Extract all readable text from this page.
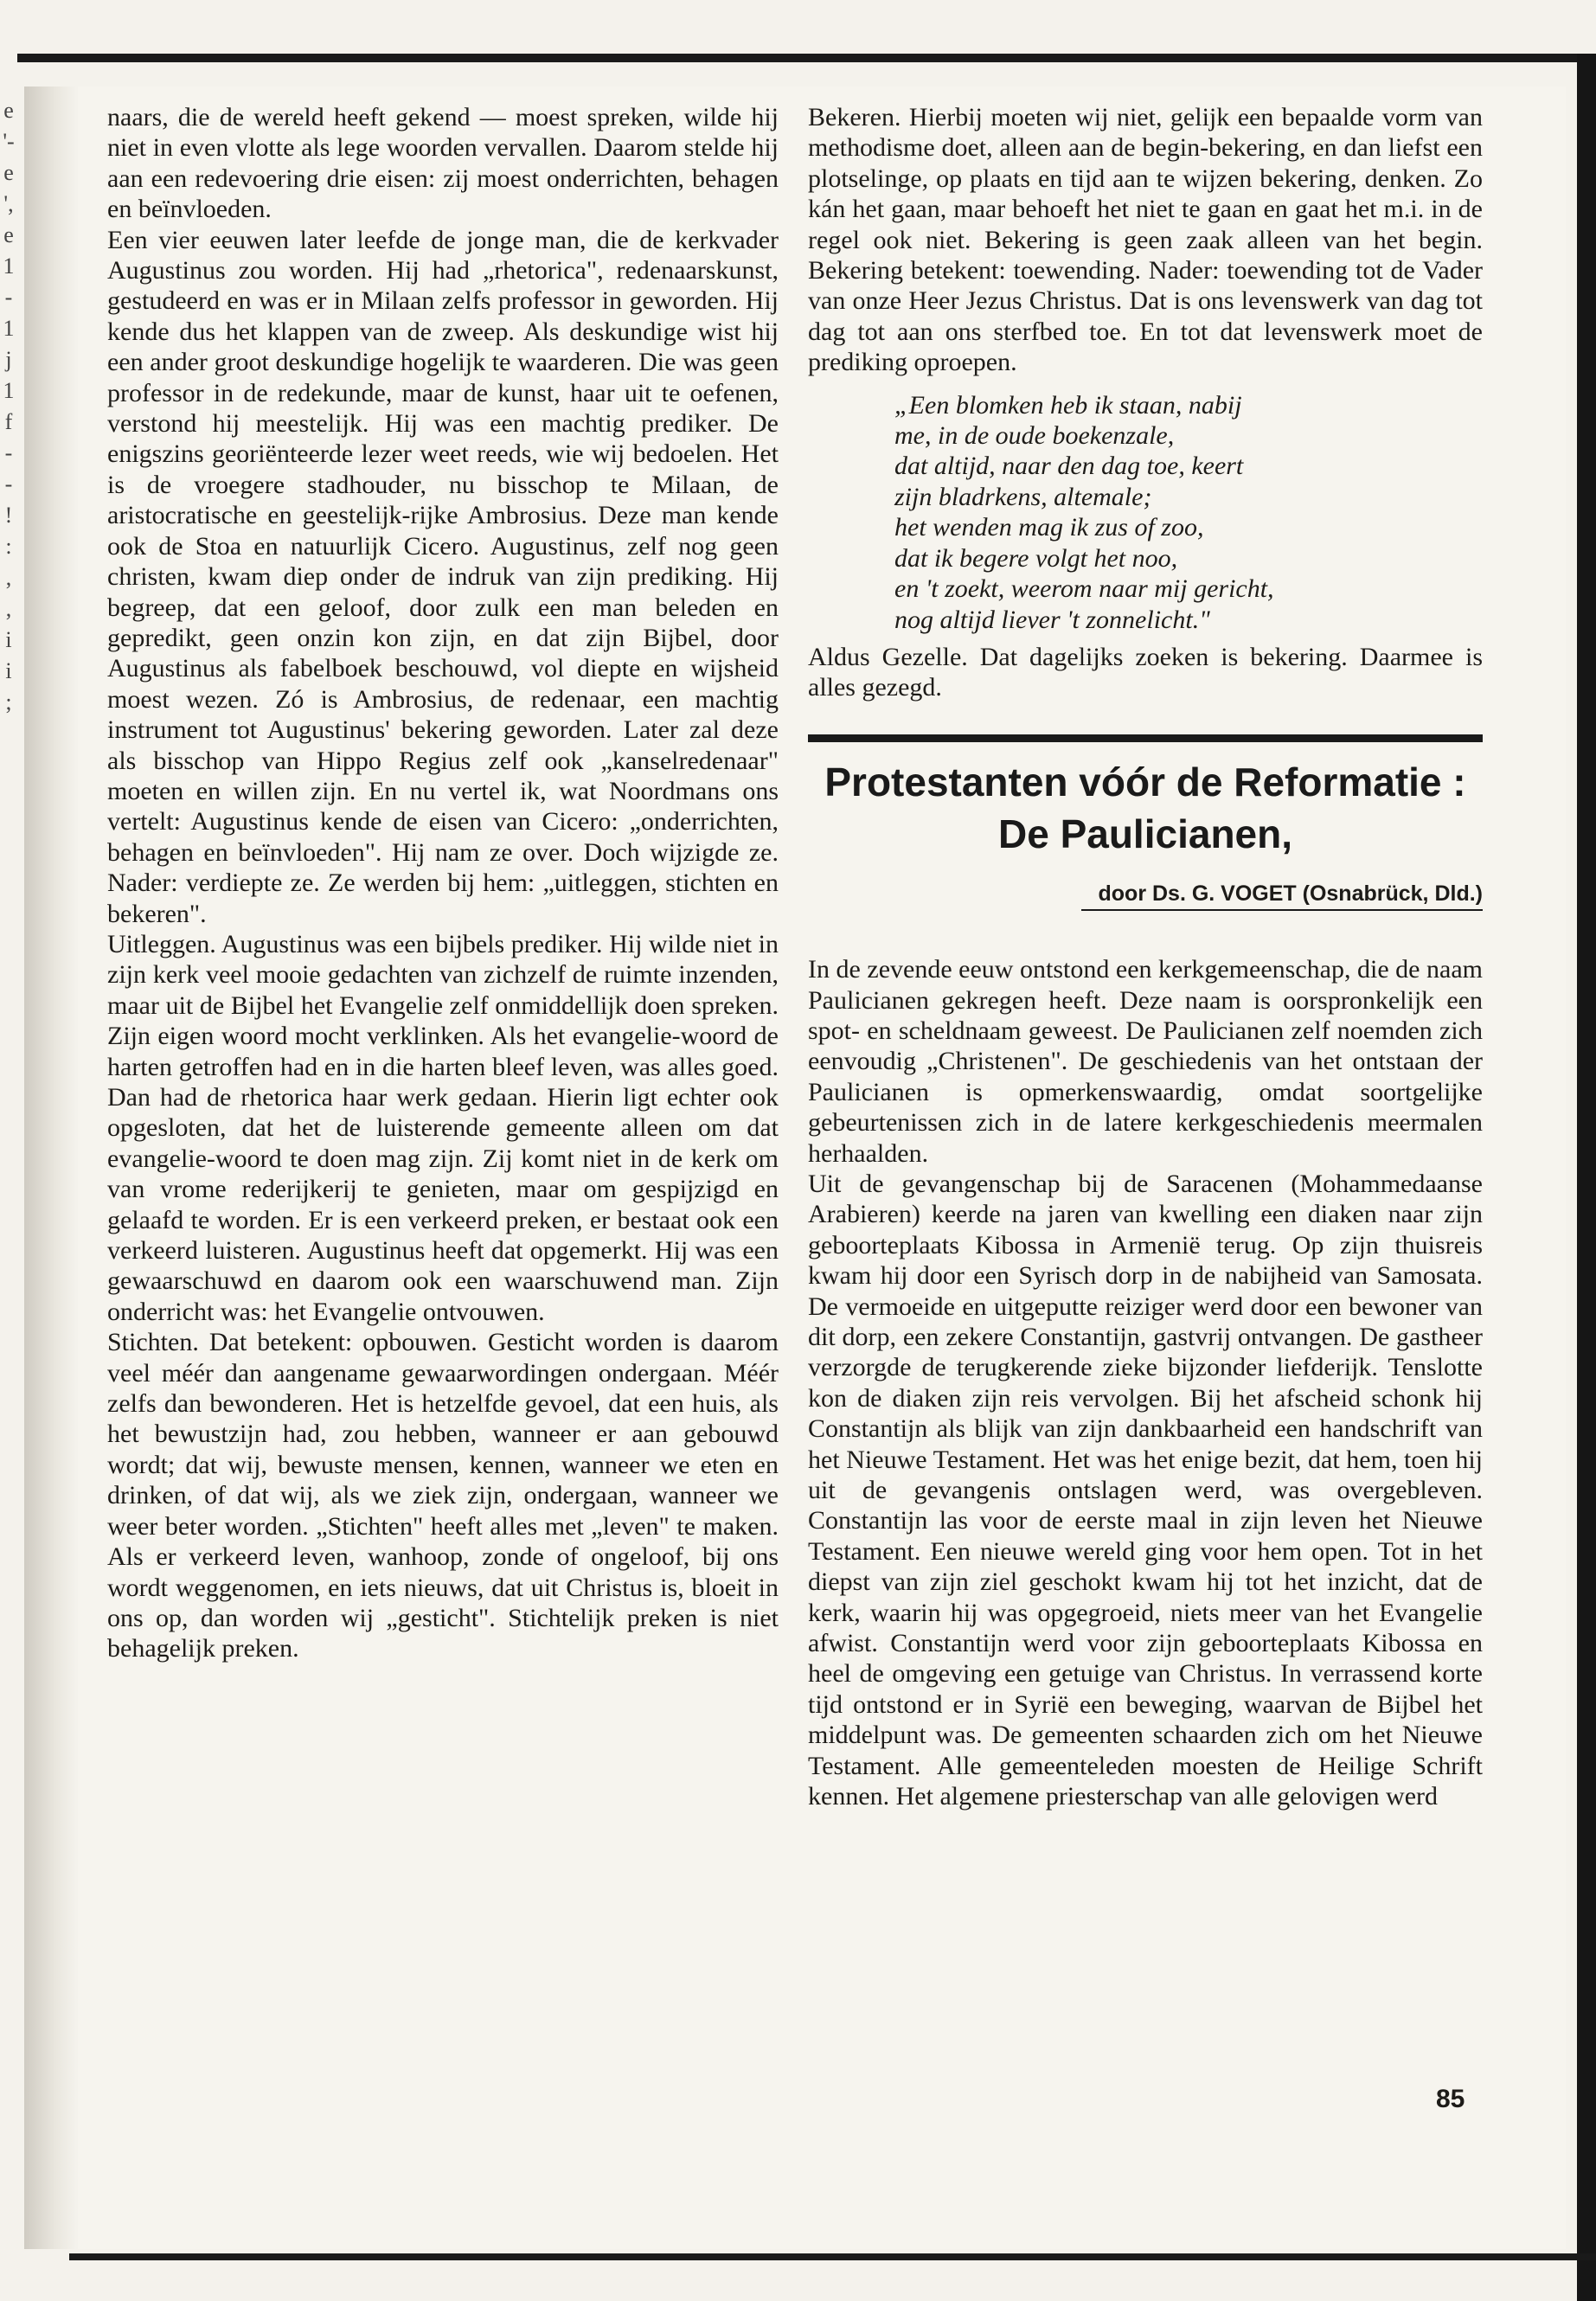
e
'-
e
',
e
1
-
1
j
1
f
-
-
!
:
,
,
i
i
;

naars, die de wereld heeft gekend — moest spreken, wilde hij niet in even vlotte als lege woorden vervallen. Daarom stelde hij aan een redevoering drie eisen: zij moest onderrichten, behagen en beïnvloeden.

Een vier eeuwen later leefde de jonge man, die de kerkvader Augustinus zou worden. Hij had „rhetorica", redenaarskunst, gestudeerd en was er in Milaan zelfs professor in geworden. Hij kende dus het klappen van de zweep. Als deskundige wist hij een ander groot deskundige hogelijk te waarderen. Die was geen professor in de redekunde, maar de kunst, haar uit te oefenen, verstond hij meestelijk. Hij was een machtig prediker. De enigszins georiënteerde lezer weet reeds, wie wij bedoelen. Het is de vroegere stadhouder, nu bisschop te Milaan, de aristocratische en geestelijk-rijke Ambrosius. Deze man kende ook de Stoa en natuurlijk Cicero. Augustinus, zelf nog geen christen, kwam diep onder de indruk van zijn prediking. Hij begreep, dat een geloof, door zulk een man beleden en gepredikt, geen onzin kon zijn, en dat zijn Bijbel, door Augustinus als fabelboek beschouwd, vol diepte en wijsheid moest wezen. Zó is Ambrosius, de redenaar, een machtig instrument tot Augustinus' bekering geworden. Later zal deze als bisschop van Hippo Regius zelf ook „kanselredenaar" moeten en willen zijn. En nu vertel ik, wat Noordmans ons vertelt: Augustinus kende de eisen van Cicero: „onderrichten, behagen en beïnvloeden". Hij nam ze over. Doch wijzigde ze. Nader: verdiepte ze. Ze werden bij hem: „uitleggen, stichten en bekeren".

Uitleggen. Augustinus was een bijbels prediker. Hij wilde niet in zijn kerk veel mooie gedachten van zichzelf de ruimte inzenden, maar uit de Bijbel het Evangelie zelf onmiddellijk doen spreken. Zijn eigen woord mocht verklinken. Als het evangelie-woord de harten getroffen had en in die harten bleef leven, was alles goed. Dan had de rhetorica haar werk gedaan. Hierin ligt echter ook opgesloten, dat het de luisterende gemeente alleen om dat evangelie-woord te doen mag zijn. Zij komt niet in de kerk om van vrome rederijkerij te genieten, maar om gespijzigd en gelaafd te worden. Er is een verkeerd preken, er bestaat ook een verkeerd luisteren. Augustinus heeft dat opgemerkt. Hij was een gewaarschuwd en daarom ook een waarschuwend man. Zijn onderricht was: het Evangelie ontvouwen.

Stichten. Dat betekent: opbouwen. Gesticht worden is daarom veel méér dan aangename gewaarwordingen ondergaan. Méér zelfs dan bewonderen. Het is hetzelfde gevoel, dat een huis, als het bewustzijn had, zou hebben, wanneer er aan gebouwd wordt; dat wij, bewuste mensen, kennen, wanneer we eten en drinken, of dat wij, als we ziek zijn, ondergaan, wanneer we weer beter worden. „Stichten" heeft alles met „leven" te maken. Als er verkeerd leven, wanhoop, zonde of ongeloof, bij ons wordt weggenomen, en iets nieuws, dat uit Christus is, bloeit in ons op, dan worden wij „gesticht". Stichtelijk preken is niet behagelijk preken.

Bekeren. Hierbij moeten wij niet, gelijk een bepaalde vorm van methodisme doet, alleen aan de begin-bekering, en dan liefst een plotselinge, op plaats en tijd aan te wijzen bekering, denken. Zo kán het gaan, maar behoeft het niet te gaan en gaat het m.i. in de regel ook niet. Bekering is geen zaak alleen van het begin. Bekering betekent: toewending. Nader: toewending tot de Vader van onze Heer Jezus Christus. Dat is ons levenswerk van dag tot dag tot aan ons sterfbed toe. En tot dat levenswerk moet de prediking oproepen.

„Een blomken heb ik staan, nabij
me, in de oude boekenzale,
dat altijd, naar den dag toe, keert
zijn bladrkens, altemale;
het wenden mag ik zus of zoo,
dat ik begere volgt het noo,
en 't zoekt, weerom naar mij gericht,
nog altijd liever 't zonnelicht."

Aldus Gezelle. Dat dagelijks zoeken is bekering. Daarmee is alles gezegd.

Protestanten vóór de Reformatie :
De Paulicianen,
door Ds. G. VOGET (Osnabrück, Dld.)

In de zevende eeuw ontstond een kerkgemeenschap, die de naam Paulicianen gekregen heeft. Deze naam is oorspronkelijk een spot- en scheldnaam geweest. De Paulicianen zelf noemden zich eenvoudig „Christenen". De geschiedenis van het ontstaan der Paulicianen is opmerkenswaardig, omdat soortgelijke gebeurtenissen zich in de latere kerkgeschiedenis meermalen herhaalden.

Uit de gevangenschap bij de Saracenen (Mohammedaanse Arabieren) keerde na jaren van kwelling een diaken naar zijn geboorteplaats Kibossa in Armenië terug. Op zijn thuisreis kwam hij door een Syrisch dorp in de nabijheid van Samosata. De vermoeide en uitgeputte reiziger werd door een bewoner van dit dorp, een zekere Constantijn, gastvrij ontvangen. De gastheer verzorgde de terugkerende zieke bijzonder liefderijk. Tenslotte kon de diaken zijn reis vervolgen. Bij het afscheid schonk hij Constantijn als blijk van zijn dankbaarheid een handschrift van het Nieuwe Testament. Het was het enige bezit, dat hem, toen hij uit de gevangenis ontslagen werd, was overgebleven. Constantijn las voor de eerste maal in zijn leven het Nieuwe Testament. Een nieuwe wereld ging voor hem open. Tot in het diepst van zijn ziel geschokt kwam hij tot het inzicht, dat de kerk, waarin hij was opgegroeid, niets meer van het Evangelie afwist. Constantijn werd voor zijn geboorteplaats Kibossa en heel de omgeving een getuige van Christus. In verrassend korte tijd ontstond er in Syrië een beweging, waarvan de Bijbel het middelpunt was. De gemeenten schaarden zich om het Nieuwe Testament. Alle gemeenteleden moesten de Heilige Schrift kennen. Het algemene priesterschap van alle gelovigen werd

85
